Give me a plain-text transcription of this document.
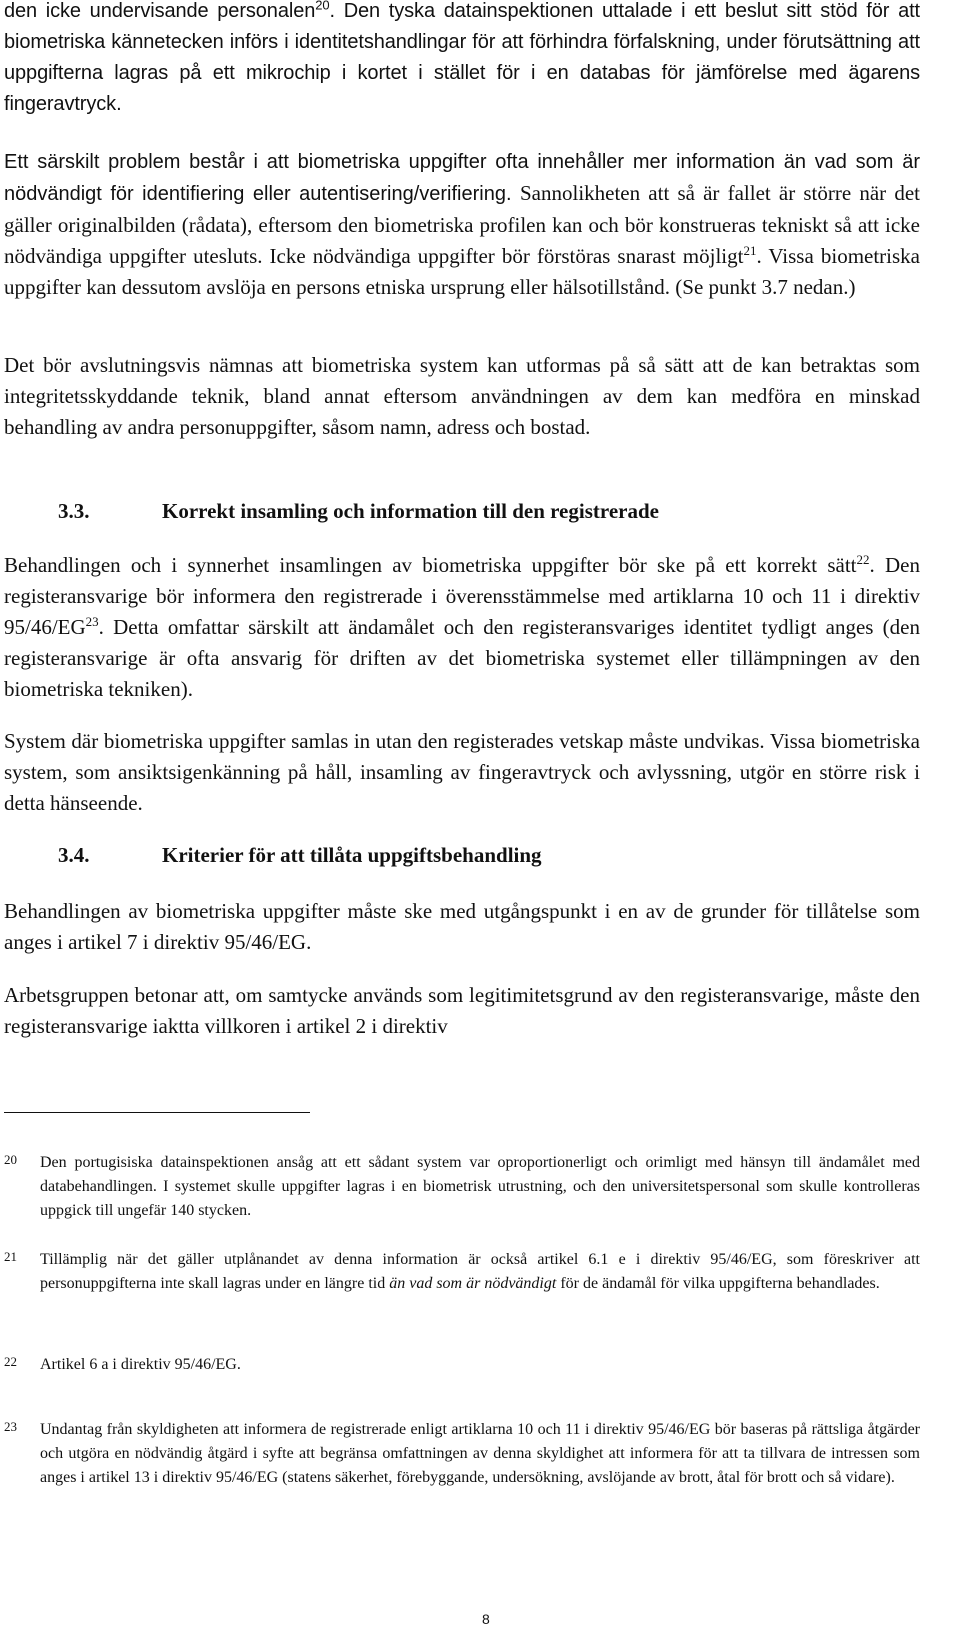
den icke undervisande personalen$^{20}$. Den tyska datainspektionen uttalade i ett beslut sitt stöd för att biometriska kännetecken införs i identitetshandlingar för att förhindra förfalskning, under förutsättning att uppgifterna lagras på ett mikrochip i kortet i stället för i en databas för jämförelse med ägarens fingeravtryck.

Ett särskilt problem består i att biometriska uppgifter ofta innehåller mer information än vad som är nödvändigt för identifiering eller autentisering/verifiering. Sannolikheten att så är fallet är större när det gäller originalbilden (rådata), eftersom den biometriska profilen kan och bör konstrueras tekniskt så att icke nödvändiga uppgifter utesluts. Icke nödvändiga uppgifter bör förstöras snarast möjligt$^{21}$. Vissa biometriska uppgifter kan dessutom avslöja en persons etniska ursprung eller hälsotillstånd. (Se punkt 3.7 nedan.)

Det bör avslutningsvis nämnas att biometriska system kan utformas på så sätt att de kan betraktas som integritetsskyddande teknik, bland annat eftersom användningen av dem kan medföra en minskad behandling av andra personuppgifter, såsom namn, adress och bostad.

3.3.	Korrekt insamling och information till den registrerade

Behandlingen och i synnerhet insamlingen av biometriska uppgifter bör ske på ett korrekt sätt$^{22}$. Den registeransvarige bör informera den registrerade i överensstämmelse med artiklarna 10 och 11 i direktiv 95/46/EG$^{23}$. Detta omfattar särskilt att ändamålet och den registeransvariges identitet tydligt anges (den registeransvarige är ofta ansvarig för driften av det biometriska systemet eller tillämpningen av den biometriska tekniken).

System där biometriska uppgifter samlas in utan den registerades vetskap måste undvikas. Vissa biometriska system, som ansiktsigenkänning på håll, insamling av fingeravtryck och avlyssning, utgör en större risk i detta hänseende.

3.4.	Kriterier för att tillåta uppgiftsbehandling

Behandlingen av biometriska uppgifter måste ske med utgångspunkt i en av de grunder för tillåtelse som anges i artikel 7 i direktiv 95/46/EG.

Arbetsgruppen betonar att, om samtycke används som legitimitetsgrund av den registeransvarige, måste den registeransvarige iaktta villkoren i artikel 2 i direktiv

20 Den portugisiska datainspektionen ansåg att ett sådant system var oproportionerligt och orimligt med hänsyn till ändamålet med databehandlingen. I systemet skulle uppgifter lagras i en biometrisk utrustning, och den universitetspersonal som skulle kontrolleras uppgick till ungefär 140 stycken.

21 Tillämplig när det gäller utplånandet av denna information är också artikel 6.1 e i direktiv 95/46/EG, som föreskriver att personuppgifterna inte skall lagras under en längre tid än vad som är nödvändigt för de ändamål för vilka uppgifterna behandlades.

22 Artikel 6 a i direktiv 95/46/EG.

23 Undantag från skyldigheten att informera de registrerade enligt artiklarna 10 och 11 i direktiv 95/46/EG bör baseras på rättsliga åtgärder och utgöra en nödvändig åtgärd i syfte att begränsa omfattningen av denna skyldighet att informera för att ta tillvara de intressen som anges i artikel 13 i direktiv 95/46/EG (statens säkerhet, förebyggande, undersökning, avslöjande av brott, åtal för brott och så vidare).

8
